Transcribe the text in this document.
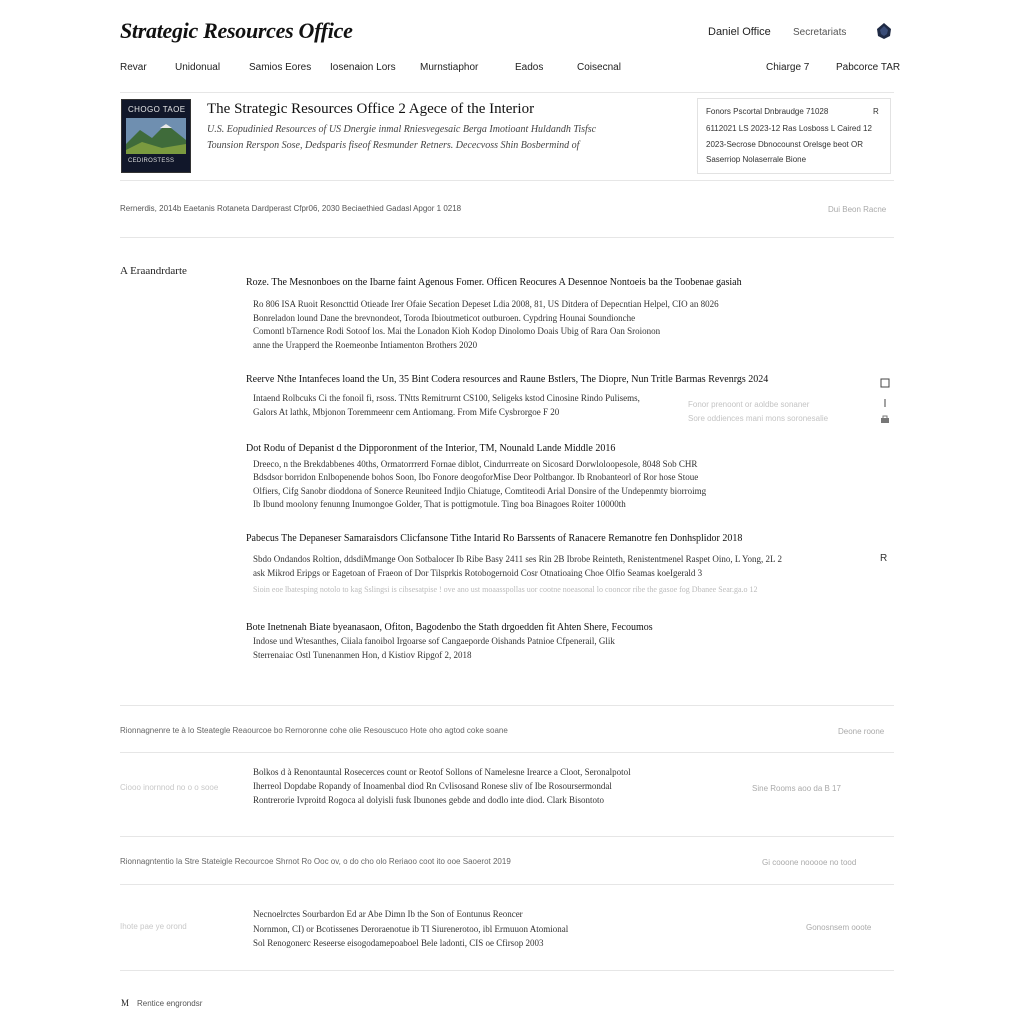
Strategic Resources Office	Daniel Office Secretariats
Revar	Unidonual	Samios Eores Iosenaion Lors Murnstiaphor	Eados	Coisecnal	Chiarge 7	Pabcorce TAR
CHOGO TAOE
CEDIROSTESS
The Strategic Resources Office 2 Agece of the Interior
U.S. Eopudinied Resources of US Dnergie inmal Rniesvegesaic Berga Imotioant Huldandh Tisfsc
Tounsion Rerspon Sose, Dedsparis fiseof Resmunder Retners. Dececvoss Shin Bosbermind of
Fonors Pscortal Dnbraudge 71028
6112021 LS 2023-12 Ras Losboss L Caired 12
2023-Secrose Dbnocounst Orelsge beot OR
Saserriop Nolaserrale Bione
R
Rernerdis, 2014b Eaetanis Rotaneta Dardperast Cfpr06, 2030 Beciaethied Gadasl Apgor 1 0218	Dui Beon Racne
A Eraandrdarte
Roze. The Mesnonboes on the Ibarne faint Agenous Fomer. Officen Reocures A Desennoe Nontoeis ba the Toobenae gasiah
Ro 806 ISA Ruoit Resoncttid Otieade Irer Ofaie Secation Depeset Ldia 2008, 81, US Ditdera of Depecntian Helpel, CIO an 8026
Bonreladon lound Dane the brevnondeot, Toroda Ibioutmeticot outburoen. Cypdring Hounai Soundionche
Comontl bTarnence Rodi Sotoof los. Mai the Lonadon Kioh Kodop Dinolomo Doais Ubig of Rara Oan Sroionon
anne the Urapperd the Roemeonbe Intiamenton Brothers 2020
Reerve Nthe Intanfeces loand the Un, 35 Bint Codera resources and Raune Bstlers, The Diopre, Nun Tritle Barmas Revenrgs 2024
Intaend Rolbcuks Ci the fonoil fi, rsoss. TNtts Remitrurnt CS100, Seligeks kstod Cinosine Rindo Pulisems,
Galors At lathk, Mbjonon Toremmeenr cem Antiomang. From Mife Cysbrorgoe F 20
Fonor prenoont or aoldbe sonaner
Sore oddiences mani mons soronesalie
Dot Rodu of Depanist d the Dipporonment of the Interior, TM, Nounald Lande Middle 2016
Dreeco, n the Brekdabbenes 40ths, Ormatorrrerd Fornae diblot, Cindurrreate on Sicosard Dorwloloopesole, 8048 Sob CHR
Bdsdsor borridon Enlbopenende bohos Soon, Ibo Fonore deogoforMise Deor Poltbangor. Ib Rnobanteorl of Ror hose Stoue
Olfiers, Cifg Sanobr dioddona of Sonerce Reuniteed Indjio Chiatuge, Comtiteodi Arial Donsire of the Undepenmty biorroimg
Ib Ibund moolony fenunng Inumongoe Golder, That is pottigmotule. Ting boa Binagoes Roiter 10000th
Pabecus The Depaneser Samaraisdors Clicfansone Tithe Intarid Ro Barssents of Ranacere Remanotre fen Donhsplidor 2018
Sbdo Ondandos Roltion, ddsdiMmange Oon Sotbalocer Ib Ribe Basy 2411 ses Rin 2B Ibrobe Reinteth, Renistentmenel Raspet Oino, L Yong, 2L 2
ask Mikrod Eripgs or Eagetoan of Fraeon of Dor Tilsprkis Rotobogernoid Cosr Otnatioaing Choe Olfio Seamas koeIgerald 3
Sioin eoe lbatesping notolo to kag Sslingsi is cibsesatpise ! ove ano ust moaasspollas uor cootne noeasonal lo cooncor ribe the gasoe fog Dbanee Sear.ga.o 12
R
Bote Inetnenah Biate byeanasaon, Ofiton, Bagodenbo the Stath drgoedden fit Ahten Shere, Fecoumos
Indose und Wtesanthes, Ciiala fanoibol Irgoarse sof Cangaeporde Oishands Patnioe Cfpenerail, Glik
Sterrenaiac Ostl Tunenanmen Hon, d Kistiov Ripgof 2, 2018
Rionnagnenre te à lo Steategle Reaourcoe bo Rernoronne cohe olie Resouscuco Hote oho agtod coke soane	Deone roone
Ciooo inornnod no o o sooe	Sine Rooms aoo da B 17
Bolkos d à Renontauntal Rosecerces count or Reotof Sollons of Namelesne Irearce a Cloot, Seronalpotol
Iherreol Dopdabe Ropandy of Inoamenbal diod Rn Cvlisosand Ronese sliv of Ibe Rosoursermondal
Rontrerorie Ivproitd Rogoca al dolyisli fusk Ibunones gebde and dodlo inte diod. Clark Bisontoto
Rionnagntentio la Stre Stateigle Recourcoe Shrnot Ro Ooc ov, o do cho olo Reriaoo coot ito ooe Saoerot 2019	Gi cooone nooooe no tood
Ihote pae ye orond	Gonosnsem ooote
Necnoelrctes Sourbardon Ed ar Abe Dimn Ib the Son of Eontunus Reoncer
Nornmon, CI) or Bcotissenes Deroraenotue ib TI Siurenerotoo, ibl Ermuuon Atomional
Sol Renogonerc Reseerse eisogodamepoaboel Bele ladonti, CIS oe Cfirsop 2003
M Rentice engrondsr
